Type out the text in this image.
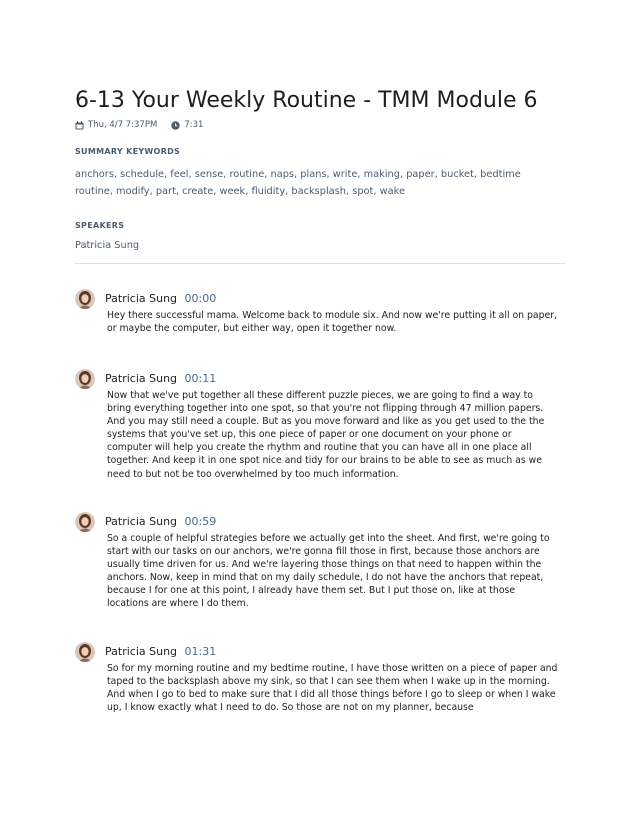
6-13 Your Weekly Routine - TMM Module 6
Thu, 4/7 7:37PM	7:31
SUMMARY KEYWORDS
anchors, schedule, feel, sense, routine, naps, plans, write, making, paper, bucket, bedtime routine, modify, part, create, week, fluidity, backsplash, spot, wake
SPEAKERS
Patricia Sung
Patricia Sung 00:00
Hey there successful mama. Welcome back to module six. And now we're putting it all on paper, or maybe the computer, but either way, open it together now.
Patricia Sung 00:11
Now that we've put together all these different puzzle pieces, we are going to find a way to bring everything together into one spot, so that you're not flipping through 47 million papers. And you may still need a couple. But as you move forward and like as you get used to the the systems that you've set up, this one piece of paper or one document on your phone or computer will help you create the rhythm and routine that you can have all in one place all together. And keep it in one spot nice and tidy for our brains to be able to see as much as we need to but not be too overwhelmed by too much information.
Patricia Sung 00:59
So a couple of helpful strategies before we actually get into the sheet. And first, we're going to start with our tasks on our anchors, we're gonna fill those in first, because those anchors are usually time driven for us. And we're layering those things on that need to happen within the anchors. Now, keep in mind that on my daily schedule, I do not have the anchors that repeat, because I for one at this point, I already have them set. But I put those on, like at those locations are where I do them.
Patricia Sung 01:31
So for my morning routine and my bedtime routine, I have those written on a piece of paper and taped to the backsplash above my sink, so that I can see them when I wake up in the morning. And when I go to bed to make sure that I did all those things before I go to sleep or when I wake up, I know exactly what I need to do. So those are not on my planner, because
